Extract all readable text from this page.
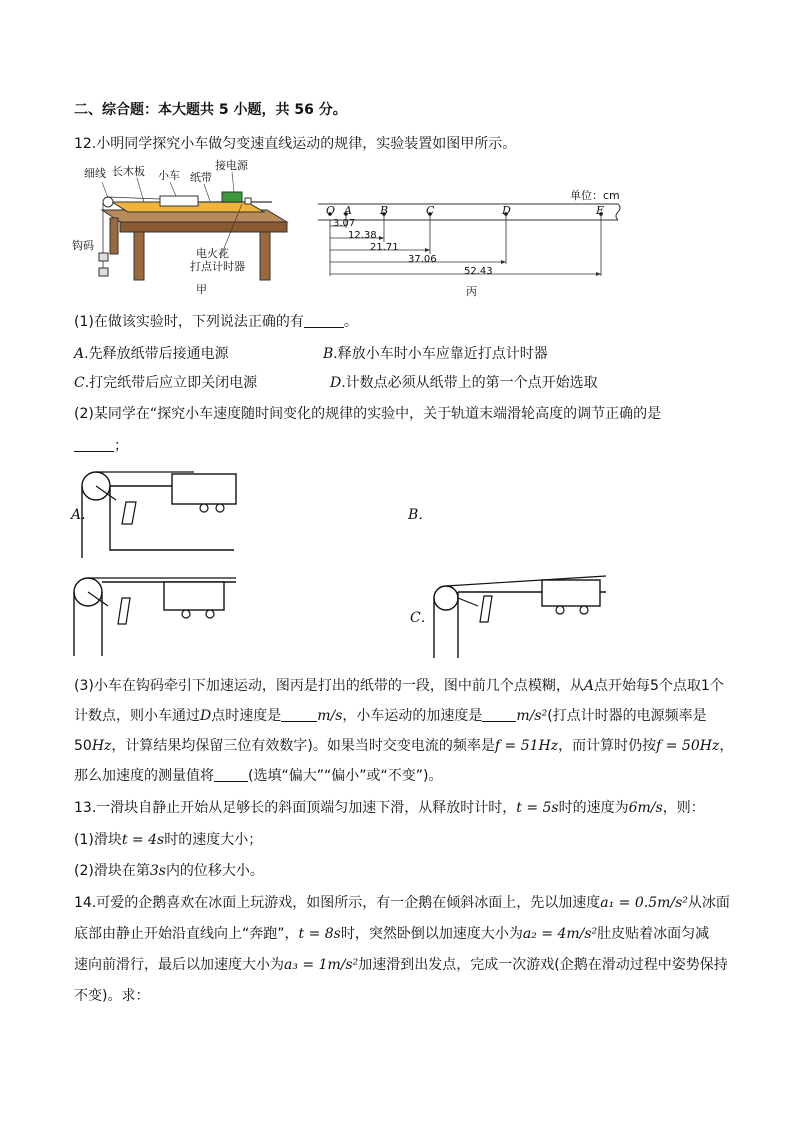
二、综合题：本大题共 5 小题，共 56 分。
12.小明同学探究小车做匀变速直线运动的规律，实验装置如图甲所示。
细线 长木板 小车 纸带
接电源
钩码
电火花
打点计时器
甲
单位：cm
O A	B	C	D	E
3.07
12.38
21.71
37.06
52.43
丙
(1)在做该实验时，下列说法正确的有	。
A.先释放纸带后接通电源	B.释放小车时小车应靠近打点计时器
C.打完纸带后应立即关闭电源	D.计数点必须从纸带上的第一个点开始选取
(2)某同学在“探究小车速度随时间变化的规律的实验中，关于轨道末端滑轮高度的调节正确的是
；
A.	B．
C．
(3)小车在钩码牵引下加速运动，图丙是打出的纸带的一段，图中前几个点模糊，从A点开始每5个点取1个
计数点，则小车通过D点时速度是	m/s，小车运动的加速度是 m/s²(打点计时器的电源频率是
50Hz，计算结果均保留三位有效数字)。如果当时交变电流的频率是f = 51Hz，而计算时仍按f = 50Hz，
那么加速度的测量值将 (选填“偏大”“偏小”或“不变”)。
13.一滑块自静止开始从足够长的斜面顶端匀加速下滑，从释放时计时，t = 5s时的速度为6m/s，则：
(1)滑块t = 4s时的速度大小；
(2)滑块在第3s内的位移大小。
14.可爱的企鹅喜欢在冰面上玩游戏，如图所示，有一企鹅在倾斜冰面上，先以加速度a₁ = 0.5m/s²从冰面
底部由静止开始沿直线向上“奔跑”，t = 8s时，突然卧倒以加速度大小为a₂ = 4m/s²肚皮贴着冰面匀减
速向前滑行，最后以加速度大小为a₃ = 1m/s²加速滑到出发点，完成一次游戏(企鹅在滑动过程中姿势保持
不变)。求：
